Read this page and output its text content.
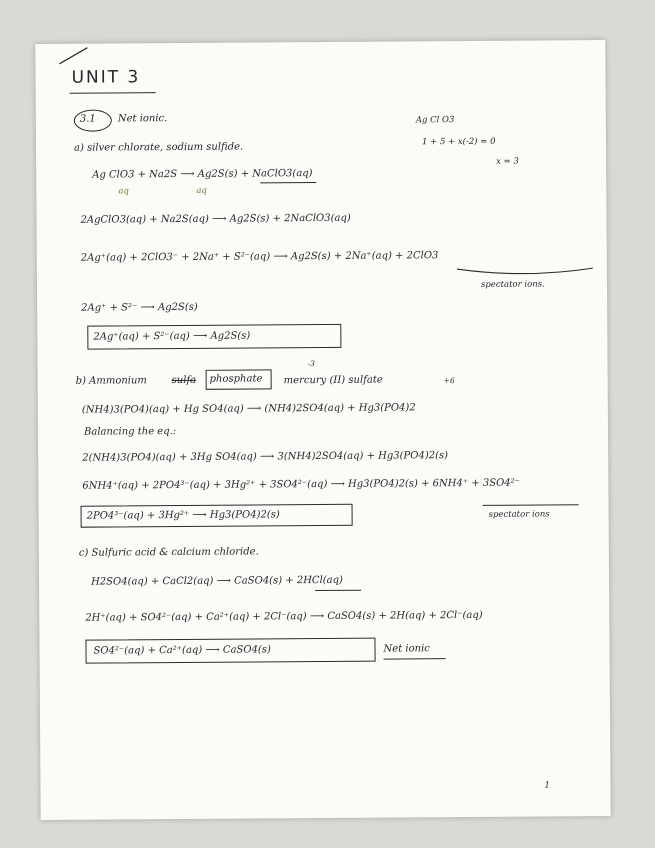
UNIT 3
3.1 Net ionic.	Ag Cl O3
1 + 5 + x(-2) = 0
x = 3
a) silver chlorate, sodium sulfide.
Ag ClO3 + Na2S ⟶ Ag2S(s) + NaClO3(aq)
aq	aq
2AgClO3(aq) + Na2S(aq) ⟶ Ag2S(s) + 2NaClO3(aq)
2Ag⁺(aq) + 2ClO3⁻ + 2Na⁺ + S²⁻(aq) ⟶ Ag2S(s) + 2Na⁺(aq) + 2ClO3
spectator ions.
2Ag⁺ + S²⁻ ⟶ Ag2S(s)
2Ag⁺(aq) + S²⁻(aq) ⟶ Ag2S(s)
b) Ammonium sulfa phosphate
-3
mercury (II) sulfate	+6
(NH4)3(PO4)(aq) + Hg SO4(aq) ⟶ (NH4)2SO4(aq) + Hg3(PO4)2
Balancing the eq.:
2(NH4)3(PO4)(aq) + 3Hg SO4(aq) ⟶ 3(NH4)2SO4(aq) + Hg3(PO4)2(s)
6NH4⁺(aq) + 2PO4³⁻(aq) + 3Hg²⁺ + 3SO4²⁻(aq) ⟶ Hg3(PO4)2(s) + 6NH4⁺ + 3SO4²⁻
2PO4³⁻(aq) + 3Hg²⁺ ⟶ Hg3(PO4)2(s)	spectator ions
c) Sulfuric acid & calcium chloride.
H2SO4(aq) + CaCl2(aq) ⟶ CaSO4(s) + 2HCl(aq)
2H⁺(aq) + SO4²⁻(aq) + Ca²⁺(aq) + 2Cl⁻(aq) ⟶ CaSO4(s) + 2H(aq) + 2Cl⁻(aq)
SO4²⁻(aq) + Ca²⁺(aq) ⟶ CaSO4(s)	Net ionic
1
